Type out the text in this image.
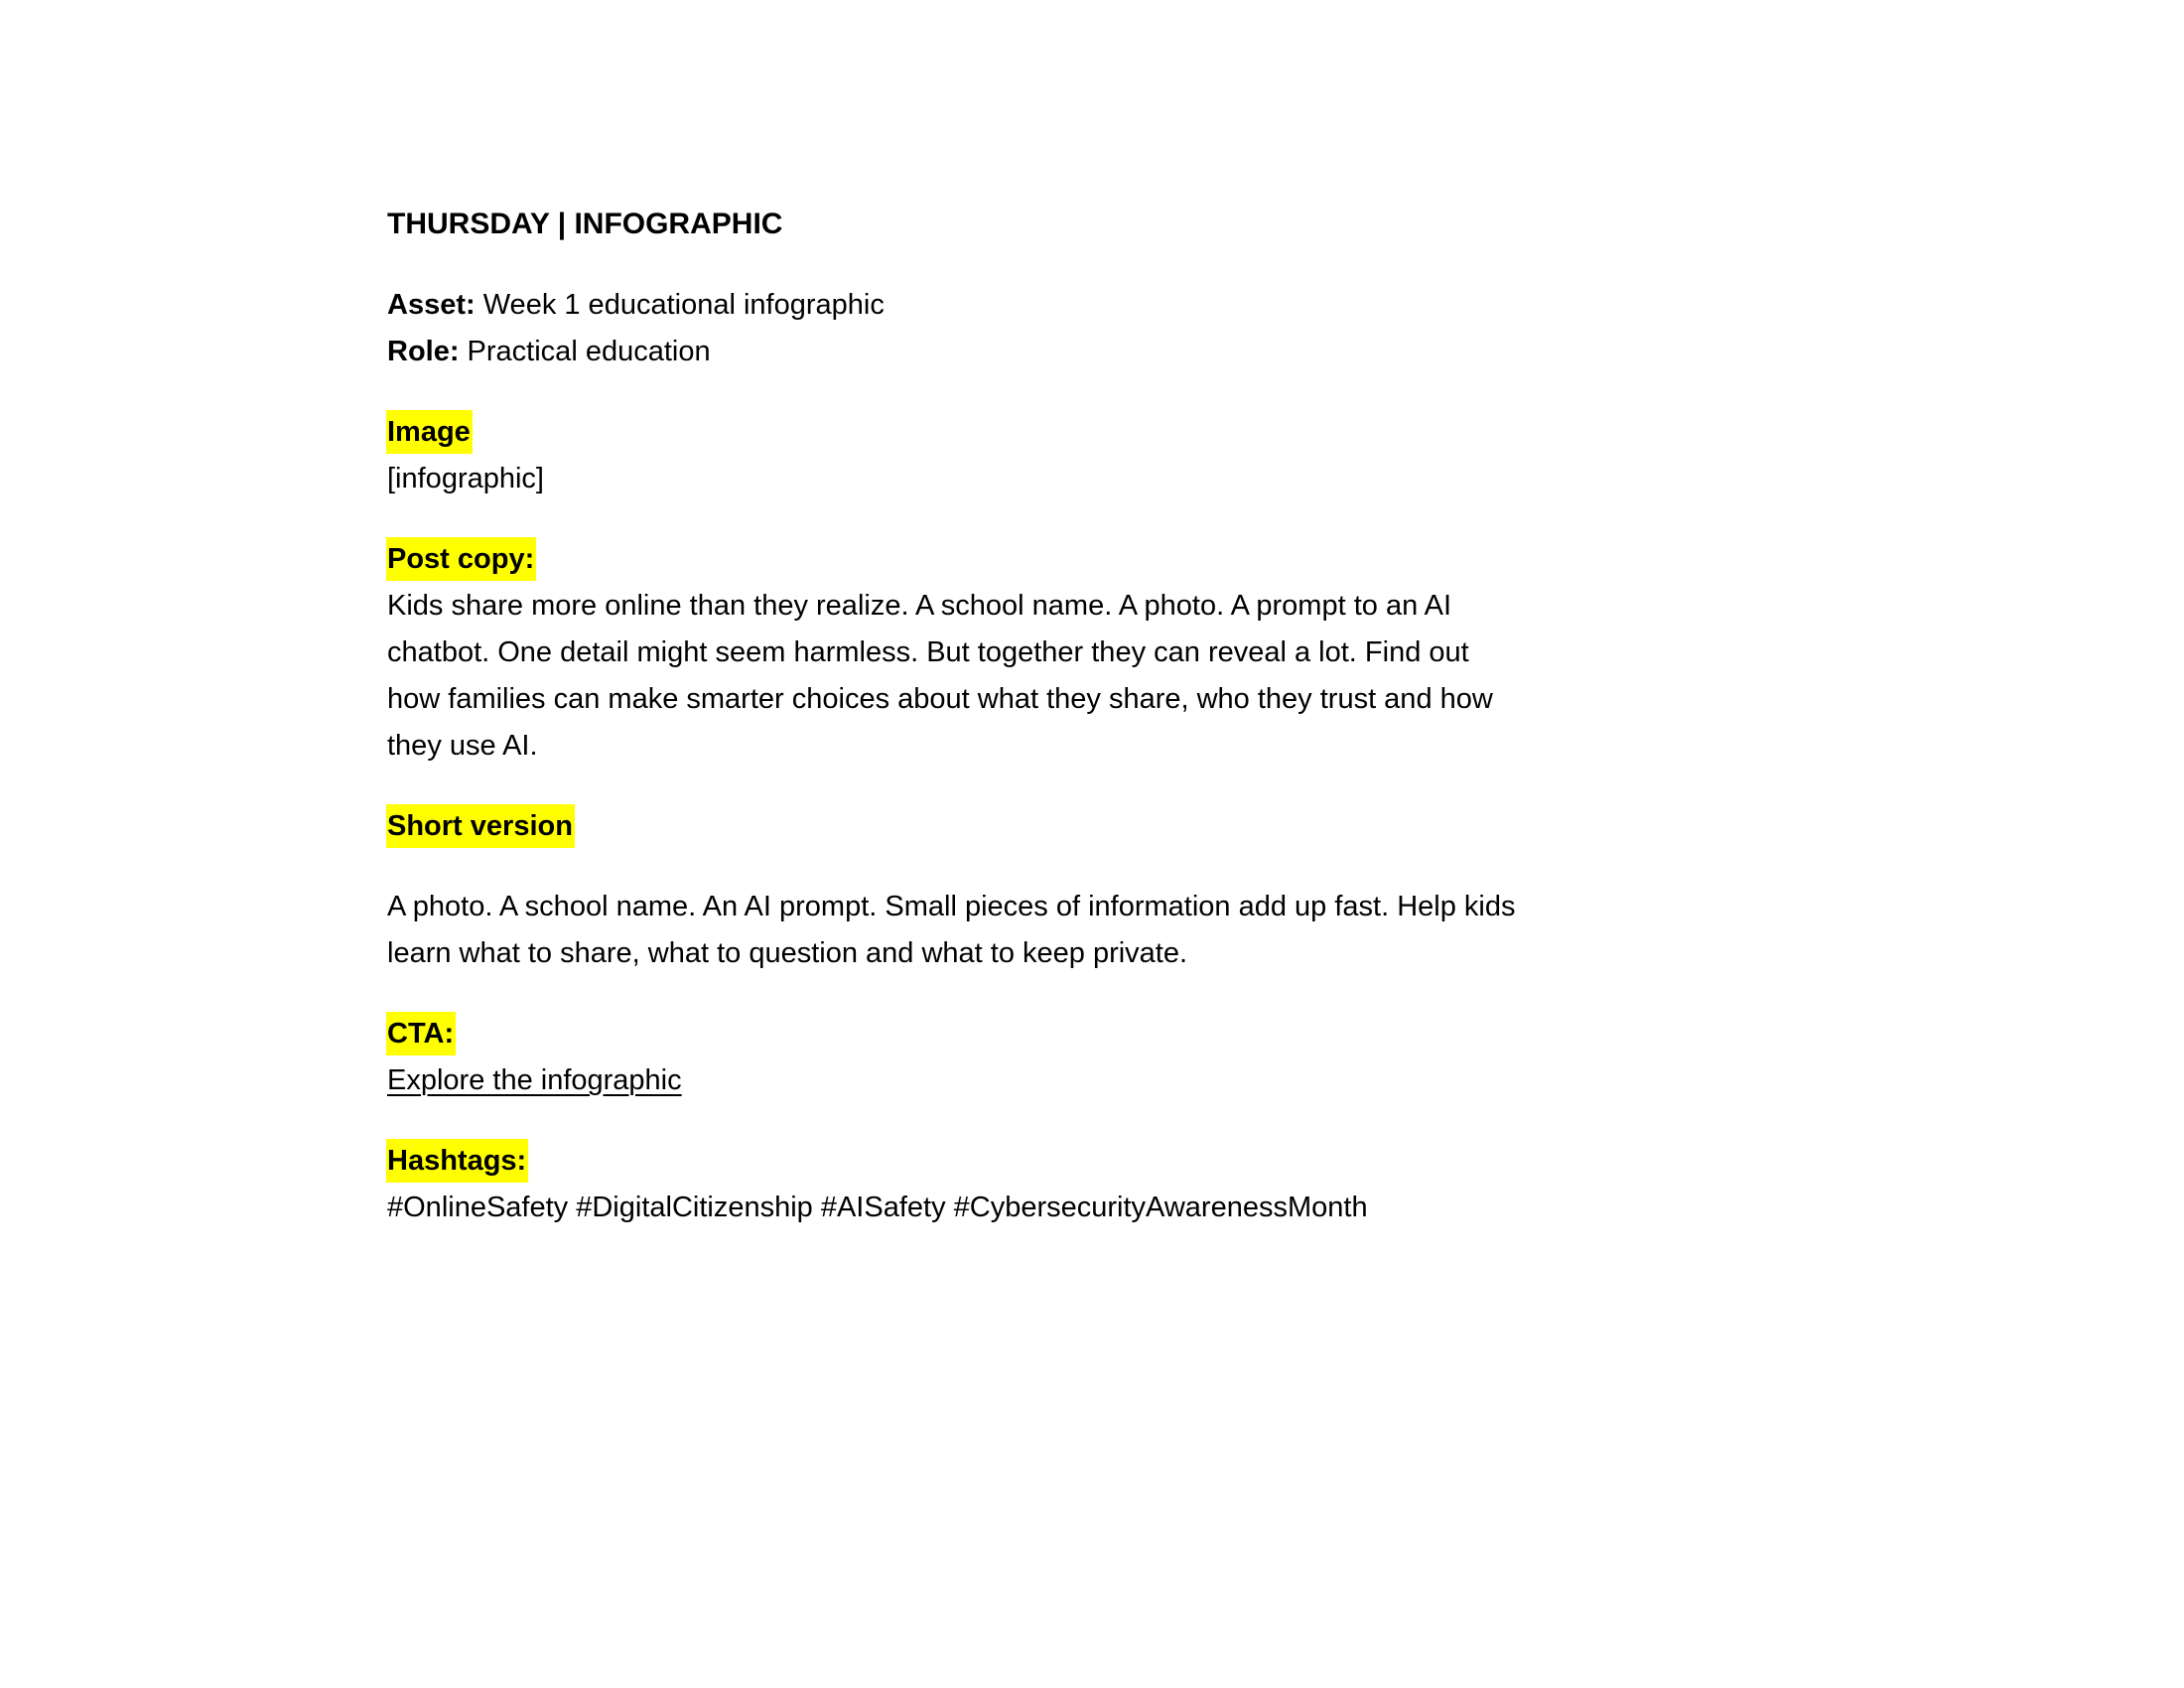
THURSDAY | INFOGRAPHIC
Asset: Week 1 educational infographic
Role: Practical education
Image
[infographic]
Post copy:
Kids share more online than they realize. A school name. A photo. A prompt to an AI
chatbot. One detail might seem harmless. But together they can reveal a lot. Find out
how families can make smarter choices about what they share, who they trust and how
they use AI.
Short version
A photo. A school name. An AI prompt. Small pieces of information add up fast. Help kids
learn what to share, what to question and what to keep private.
CTA:
Explore the infographic
Hashtags:
#OnlineSafety #DigitalCitizenship #AISafety #CybersecurityAwarenessMonth
